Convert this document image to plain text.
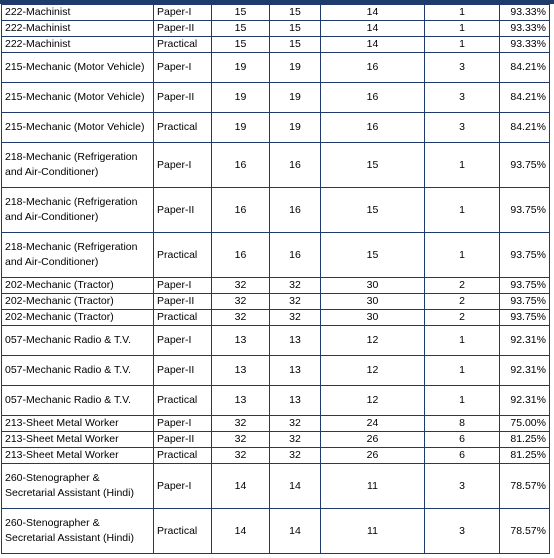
222-Machinist	Paper-I	15	15	14	1	93.33%
222-Machinist	Paper-II	15	15	14	1	93.33%
222-Machinist	Practical	15	15	14	1	93.33%
215-Mechanic (Motor Vehicle)	Paper-I	19	19	16	3	84.21%
215-Mechanic (Motor Vehicle)	Paper-II	19	19	16	3	84.21%
215-Mechanic (Motor Vehicle)	Practical	19	19	16	3	84.21%
218-Mechanic (Refrigeration and Air-Conditioner)	Paper-I	16	16	15	1	93.75%
218-Mechanic (Refrigeration and Air-Conditioner)	Paper-II	16	16	15	1	93.75%
218-Mechanic (Refrigeration and Air-Conditioner)	Practical	16	16	15	1	93.75%
202-Mechanic (Tractor)	Paper-I	32	32	30	2	93.75%
202-Mechanic (Tractor)	Paper-II	32	32	30	2	93.75%
202-Mechanic (Tractor)	Practical	32	32	30	2	93.75%
057-Mechanic Radio & T.V.	Paper-I	13	13	12	1	92.31%
057-Mechanic Radio & T.V.	Paper-II	13	13	12	1	92.31%
057-Mechanic Radio & T.V.	Practical	13	13	12	1	92.31%
213-Sheet Metal Worker	Paper-I	32	32	24	8	75.00%
213-Sheet Metal Worker	Paper-II	32	32	26	6	81.25%
213-Sheet Metal Worker	Practical	32	32	26	6	81.25%
260-Stenographer & Secretarial Assistant (Hindi)	Paper-I	14	14	11	3	78.57%
260-Stenographer & Secretarial Assistant (Hindi)	Practical	14	14	11	3	78.57%
